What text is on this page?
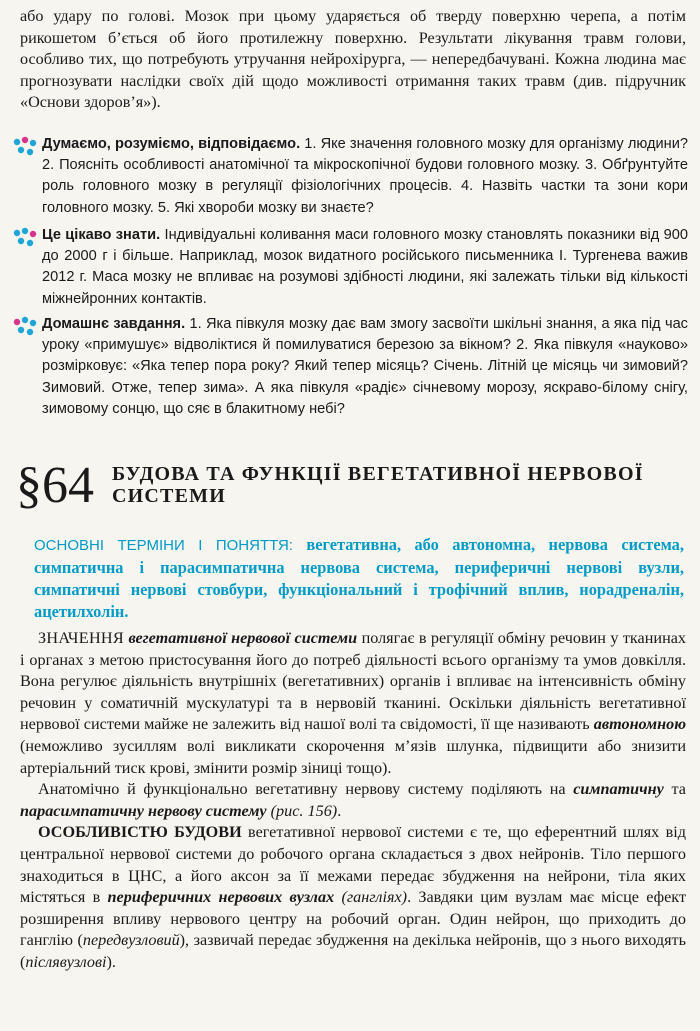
або удару по голові. Мозок при цьому ударяється об тверду поверхню черепа, а потім рикошетом б’ється об його протилежну поверхню. Результати лікування травм голови, особливо тих, що потребують утручання нейрохірурга, — непередбачувані. Кожна людина має прогнозувати наслідки своїх дій щодо можливості отримання таких травм (див. підручник «Основи здоров’я»).
Думаємо, розуміємо, відповідаємо. 1. Яке значення головного мозку для організму людини? 2. Поясніть особливості анатомічної та мікроскопічної будови головного мозку. 3. Обґрунтуйте роль головного мозку в регуляції фізіологічних процесів. 4. Назвіть частки та зони кори головного мозку. 5. Які хвороби мозку ви знаєте?
Це цікаво знати. Індивідуальні коливання маси головного мозку становлять показники від 900 до 2000 г і більше. Наприклад, мозок видатного російського письменника І. Тургенева важив 2012 г. Маса мозку не впливає на розумові здібності людини, які залежать тільки від кількості міжнейронних контактів.
Домашнє завдання. 1. Яка півкуля мозку дає вам змогу засвоїти шкільні знання, а яка під час уроку «примушує» відволіктися й помилуватися березою за вікном? 2. Яка півкуля «науково» розмірковує: «Яка тепер пора року? Який тепер місяць? Січень. Літній це місяць чи зимовий? Зимовий. Отже, тепер зима». А яка півкуля «радіє» січневому морозу, яскраво-білому снігу, зимовому сонцю, що сяє в блакитному небі?
§64 БУДОВА ТА ФУНКЦІЇ ВЕГЕТАТИВНОЇ НЕРВОВОЇ СИСТЕМИ
ОСНОВНІ ТЕРМІНИ І ПОНЯТТЯ: вегетативна, або автономна, нервова система, симпатична і парасимпатична нервова система, периферичні нервові вузли, симпатичні нервові стовбури, функціональний і трофічний вплив, норадреналін, ацетилхолін.

ЗНАЧЕННЯ вегетативної нервової системи полягає в регуляції обміну речовин у тканинах і органах з метою пристосування його до потреб діяльності всього організму та умов довкілля. Вона регулює діяльність внутрішніх (вегетативних) органів і впливає на інтенсивність обміну речовин у соматичній мускулатурі та в нервовій тканині. Оскільки діяльність вегетативної нервової системи майже не залежить від нашої волі та свідомості, її ще називають автономною (неможливо зусиллям волі викликати скорочення м’язів шлунка, підвищити або знизити артеріальний тиск крові, змінити розмір зіниці тощо).

Анатомічно й функціонально вегетативну нервову систему поділяють на симпатичну та парасимпатичну нервову систему (рис. 156).

ОСОБЛИВІСТЮ БУДОВИ вегетативної нервової системи є те, що еферентний шлях від центральної нервової системи до робочого органа складається з двох нейронів. Тіло першого знаходиться в ЦНС, а його аксон за її межами передає збудження на нейрони, тіла яких містяться в периферичних нервових вузлах (гангліях). Завдяки цим вузлам має місце ефект розширення впливу нервового центру на робочий орган. Один нейрон, що приходить до ганглію (передвузловий), зазвичай передає збудження на декілька нейронів, що з нього виходять (післявузлові).
